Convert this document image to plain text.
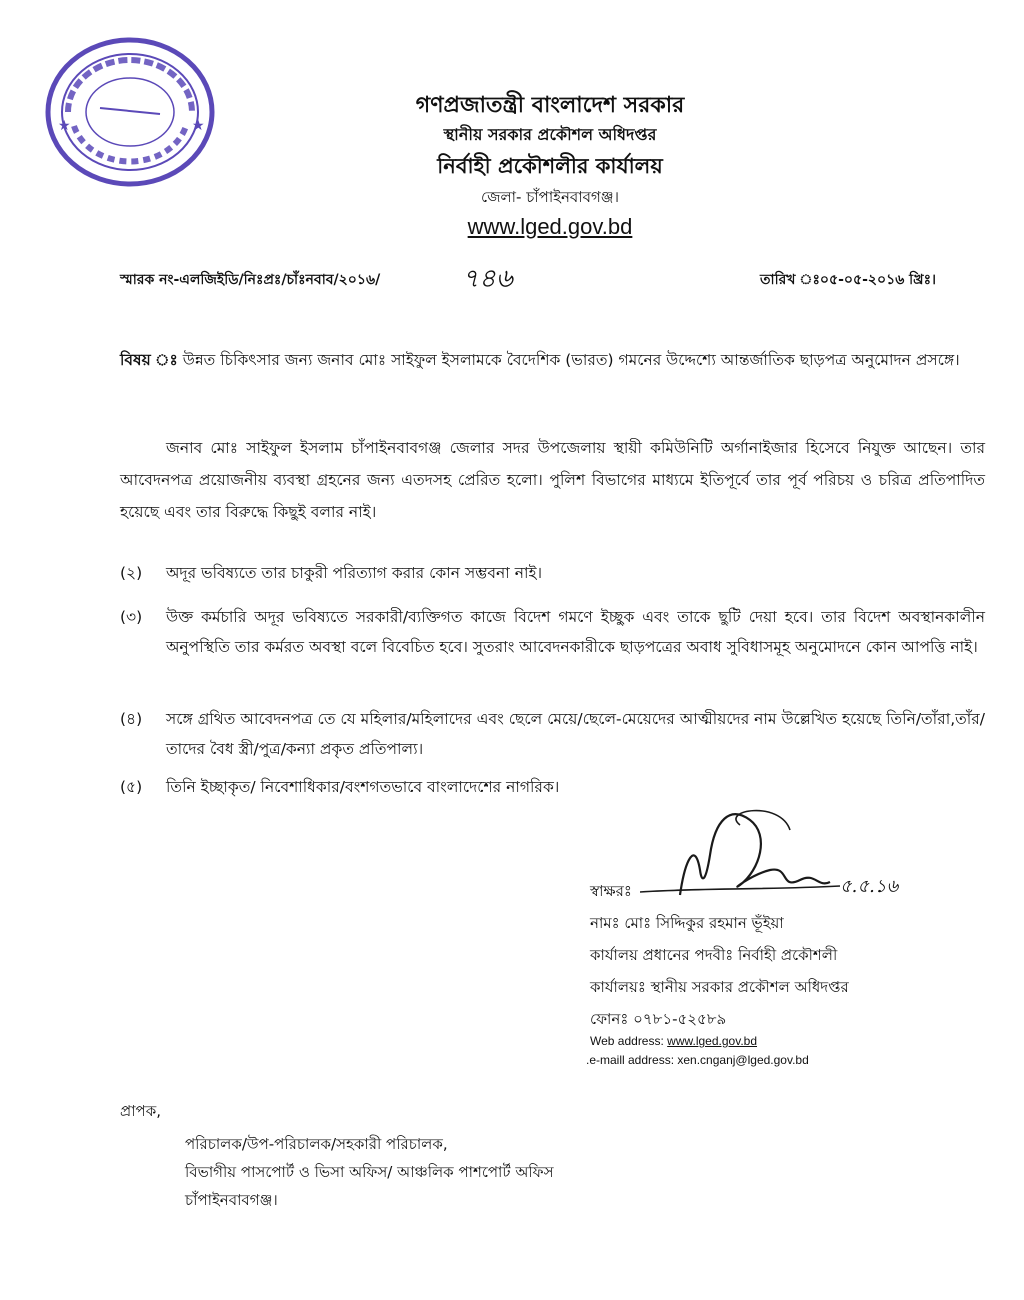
★	★
গণপ্রজাতন্ত্রী বাংলাদেশ সরকার
স্থানীয় সরকার প্রকৌশল অধিদপ্তর
নির্বাহী প্রকৌশলীর কার্যালয়
জেলা- চাঁপাইনবাবগঞ্জ।
www.lged.gov.bd
স্মারক নং-এলজিইডি/নিঃপ্রঃ/চাঁঃনবাব/২০১৬/	৭৪৬	তারিখ ঃ০৫-০৫-২০১৬ খ্রিঃ।
বিষয় ঃ উন্নত চিকিৎসার জন্য জনাব মোঃ সাইফুল ইসলামকে বৈদেশিক (ভারত) গমনের উদ্দেশ্যে আন্তর্জাতিক ছাড়পত্র অনুমোদন প্রসঙ্গে।
জনাব মোঃ সাইফুল ইসলাম চাঁপাইনবাবগঞ্জ জেলার সদর উপজেলায় স্থায়ী কমিউনিটি অর্গানাইজার হিসেবে নিযুক্ত আছেন। তার আবেদনপত্র প্রয়োজনীয় ব্যবস্থা গ্রহনের জন্য এতদসহ প্রেরিত হলো। পুলিশ বিভাগের মাধ্যমে ইতিপূর্বে তার পূর্ব পরিচয় ও চরিত্র প্রতিপাদিত হয়েছে এবং তার বিরুদ্ধে কিছুই বলার নাই।
(২)	অদূর ভবিষ্যতে তার চাকুরী পরিত্যাগ করার কোন সম্ভবনা নাই।
(৩)	উক্ত কর্মচারি অদূর ভবিষ্যতে সরকারী/ব্যক্তিগত কাজে বিদেশ গমণে ইচ্ছুক এবং তাকে ছুটি দেয়া হবে। তার বিদেশ অবস্থানকালীন অনুপস্থিতি তার কর্মরত অবস্থা বলে বিবেচিত হবে। সুতরাং আবেদনকারীকে ছাড়পত্রের অবাধ সুবিধাসমূহ অনুমোদনে কোন আপত্তি নাই।
(৪)	সঙ্গে গ্রথিত আবেদনপত্র তে যে মহিলার/মহিলাদের এবং ছেলে মেয়ে/ছেলে-মেয়েদের আত্মীয়দের নাম উল্লেখিত হয়েছে তিনি/তাঁরা,তাঁর/তাদের বৈধ স্ত্রী/পুত্র/কন্যা প্রকৃত প্রতিপাল্য।
(৫)	তিনি ইচ্ছাকৃত/ নিবেশাধিকার/বংশগতভাবে বাংলাদেশের নাগরিক।
৫.৫.১৬
স্বাক্ষরঃ
নামঃ মোঃ সিদ্দিকুর রহমান ভূঁইয়া
কার্যালয় প্রধানের পদবীঃ নির্বাহী প্রকৌশলী
কার্যালয়ঃ স্থানীয় সরকার প্রকৌশল অধিদপ্তর
ফোনঃ ০৭৮১-৫২৫৮৯
Web address: www.lged.gov.bd
.e-maill address: xen.cnganj@lged.gov.bd
প্রাপক,
পরিচালক/উপ-পরিচালক/সহকারী পরিচালক,
বিভাগীয় পাসপোর্ট ও ভিসা অফিস/ আঞ্চলিক পাশপোর্ট অফিস
চাঁপাইনবাবগঞ্জ।
